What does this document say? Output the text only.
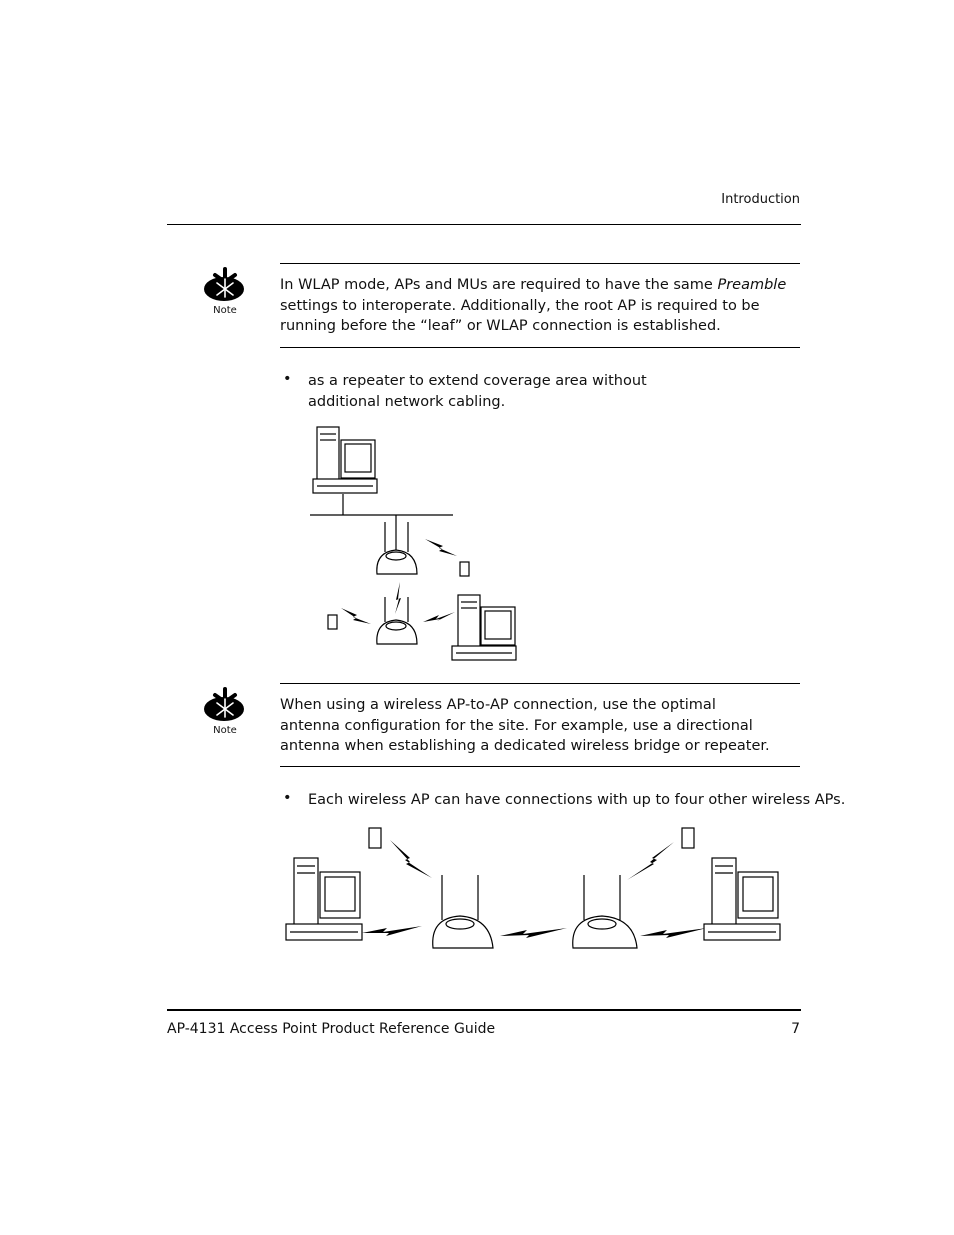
Introduction
Note
In WLAP mode, APs and MUs are required to have the same Preamble settings to interoperate. Additionally, the root AP is required to be running before the “leaf” or WLAP connection is established.
• as a repeater to extend coverage area without additional network cabling.
Note
When using a wireless AP-to-AP connection, use the optimal antenna configuration for the site. For example, use a directional antenna when establishing a dedicated wireless bridge or repeater.
• Each wireless AP can have connections with up to four other wireless APs.
AP-4131 Access Point Product Reference Guide	7
